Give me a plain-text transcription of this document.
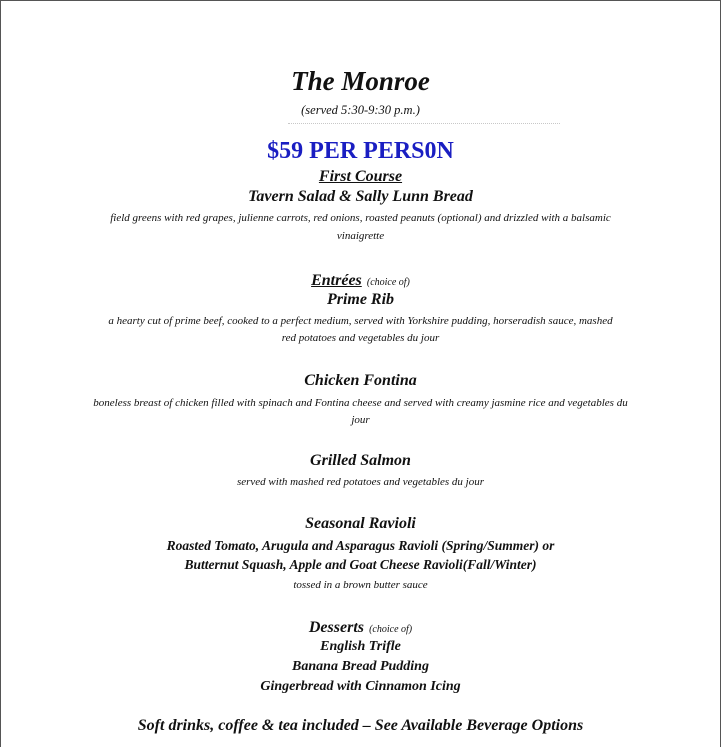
The Monroe
(served 5:30-9:30 p.m.)
$59 PER PERS0N
First Course
Tavern Salad & Sally Lunn Bread
field greens with red grapes, julienne carrots, red onions, roasted peanuts (optional) and drizzled with a balsamic
vinaigrette
Entrées (choice of)
Prime Rib
a hearty cut of prime beef, cooked to a perfect medium, served with Yorkshire pudding, horseradish sauce, mashed
red potatoes and vegetables du jour
Chicken Fontina
boneless breast of chicken filled with spinach and Fontina cheese and served with creamy jasmine rice and vegetables du
jour
Grilled Salmon
served with mashed red potatoes and vegetables du jour
Seasonal Ravioli
Roasted Tomato, Arugula and Asparagus Ravioli (Spring/Summer) or
Butternut Squash, Apple and Goat Cheese Ravioli(Fall/Winter)
tossed in a brown butter sauce
Desserts (choice of)
English Trifle
Banana Bread Pudding
Gingerbread with Cinnamon Icing
Soft drinks, coffee & tea included – See Available Beverage Options
